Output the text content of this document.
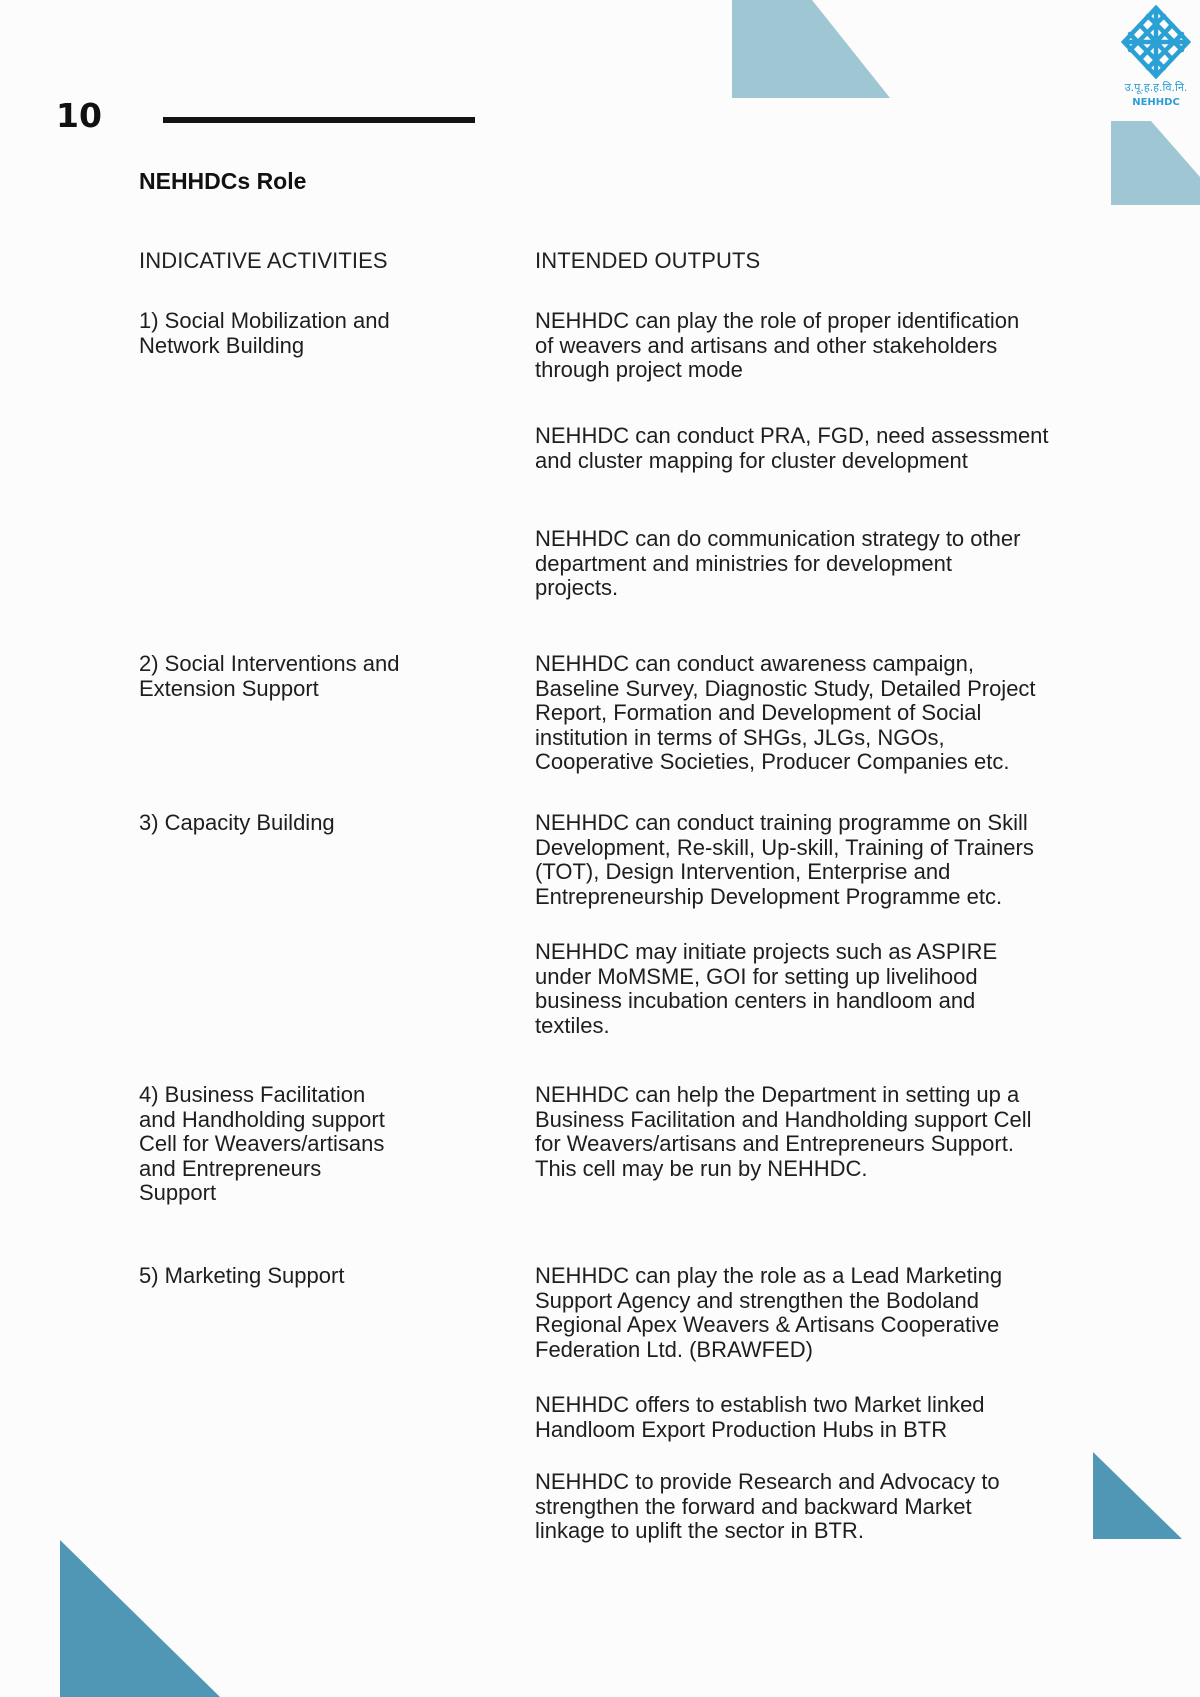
उ.पू.ह.ह.वि.नि.
NEHHDC
10
NEHHDCs Role
INDICATIVE ACTIVITIES	INTENDED OUTPUTS
1) Social Mobilization and
Network Building
2) Social Interventions and
Extension Support
3) Capacity Building
4) Business Facilitation
and Handholding support
Cell for Weavers/artisans
and Entrepreneurs
Support
5) Marketing Support
NEHHDC can play the role of proper identification
of weavers and artisans and other stakeholders
through project mode
NEHHDC can conduct PRA, FGD, need assessment
and cluster mapping for cluster development
NEHHDC can do communication strategy to other
department and ministries for development
projects.
NEHHDC can conduct awareness campaign,
Baseline Survey, Diagnostic Study, Detailed Project
Report, Formation and Development of Social
institution in terms of SHGs, JLGs, NGOs,
Cooperative Societies, Producer Companies etc.
NEHHDC can conduct training programme on Skill
Development, Re-skill, Up-skill, Training of Trainers
(TOT), Design Intervention, Enterprise and
Entrepreneurship Development Programme etc.
NEHHDC may initiate projects such as ASPIRE
under MoMSME, GOI for setting up livelihood
business incubation centers in handloom and
textiles.
NEHHDC can help the Department in setting up a
Business Facilitation and Handholding support Cell
for Weavers/artisans and Entrepreneurs Support.
This cell may be run by NEHHDC.
NEHHDC can play the role as a Lead Marketing
Support Agency and strengthen the Bodoland
Regional Apex Weavers & Artisans Cooperative
Federation Ltd. (BRAWFED)
NEHHDC offers to establish two Market linked
Handloom Export Production Hubs in BTR
NEHHDC to provide Research and Advocacy to
strengthen the forward and backward Market
linkage to uplift the sector in BTR.
